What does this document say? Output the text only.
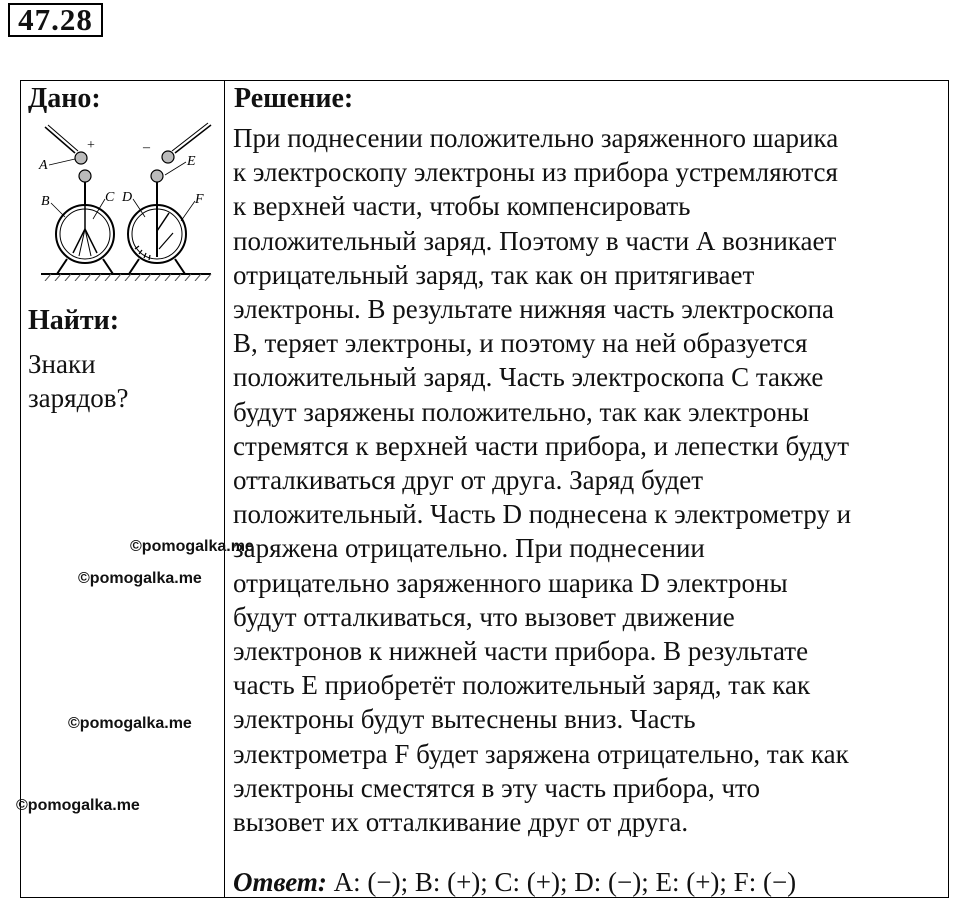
47.28
Дано:
+
A
B	C
–
E
D	F
Найти:
Знаки
зарядов?
Решение:
При поднесении положительно заряженного шарика
к электроскопу электроны из прибора устремляются
к верхней части, чтобы компенсировать
положительный заряд. Поэтому в части А возникает
отрицательный заряд, так как он притягивает
электроны. В результате нижняя часть электроскопа
В, теряет электроны, и поэтому на ней образуется
положительный заряд. Часть электроскопа С также
будут заряжены положительно, так как электроны
стремятся к верхней части прибора, и лепестки будут
отталкиваться друг от друга. Заряд будет
положительный. Часть D поднесена к электрометру и
заряжена отрицательно. При поднесении
отрицательно заряженного шарика D электроны
будут отталкиваться, что вызовет движение
электронов к нижней части прибора. В результате
часть E приобретёт положительный заряд, так как
электроны будут вытеснены вниз. Часть
электрометра F будет заряжена отрицательно, так как
электроны сместятся в эту часть прибора, что
вызовет их отталкивание друг от друга.
Ответ: A: (−); B: (+); C: (+); D: (−); E: (+); F: (−)
©pomogalka.me
©pomogalka.me
©pomogalka.me
©pomogalka.me
